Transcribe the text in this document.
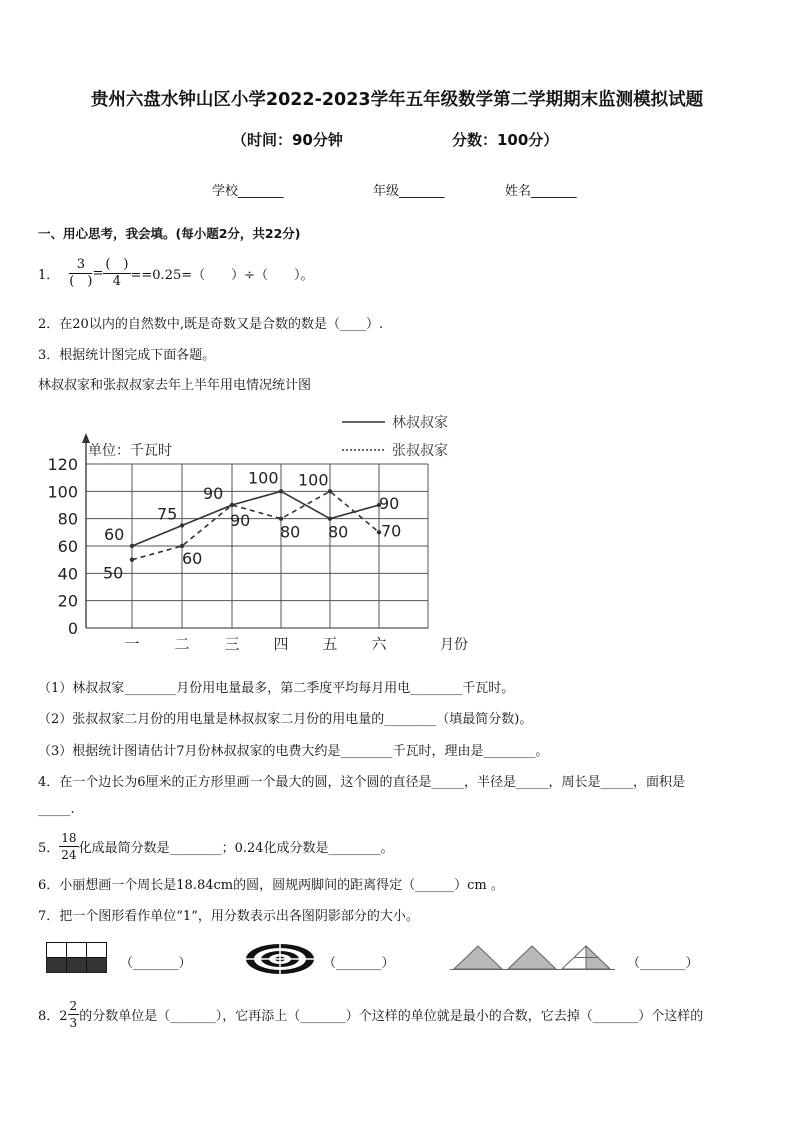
贵州六盘水钟山区小学2022-2023学年五年级数学第二学期期末监测模拟试题
（时间：90分钟	分数：100分）
学校_______	年级_______	姓名_______
一、用心思考，我会填。(每小题2分，共22分)
1． $\frac{3}{( )} = \frac{( )}{4} ==0.25=$（　　）÷（　　）。
2．在20以内的自然数中,既是奇数又是合数的数是（____）.
3．根据统计图完成下面各题。
林叔叔家和张叔叔家去年上半年用电情况统计图
0
20
40
60
80
100
120
一 二 三 四 五 六
60
75
90
100
80
90
50
60
90
80
100
70
单位：千瓦时
月份
林叔叔家
张叔叔家
（1）林叔叔家________月份用电量最多，第二季度平均每月用电________千瓦时。
（2）张叔叔家二月份的用电量是林叔叔家二月份的用电量的________（填最简分数)。
（3）根据统计图请估计7月份林叔叔家的电费大约是________千瓦时，理由是________。
4．在一个边长为6厘米的正方形里画一个最大的圆，这个圆的直径是_____，半径是_____，周长是_____，面积是
_____.
5． $\frac{18}{24}$ 化成最简分数是________；0.24化成分数是________。
6．小丽想画一个周长是18.84cm的圆，圆规两脚间的距离得定（______）cm 。
7．把一个图形看作单位“1”，用分数表示出各图阴影部分的大小。
（_______）	（_______）	（_______）
8．$2 \frac{2}{3}$ 的分数单位是（_______），它再添上（_______）个这样的单位就是最小的合数，它去掉（_______）个这样的
